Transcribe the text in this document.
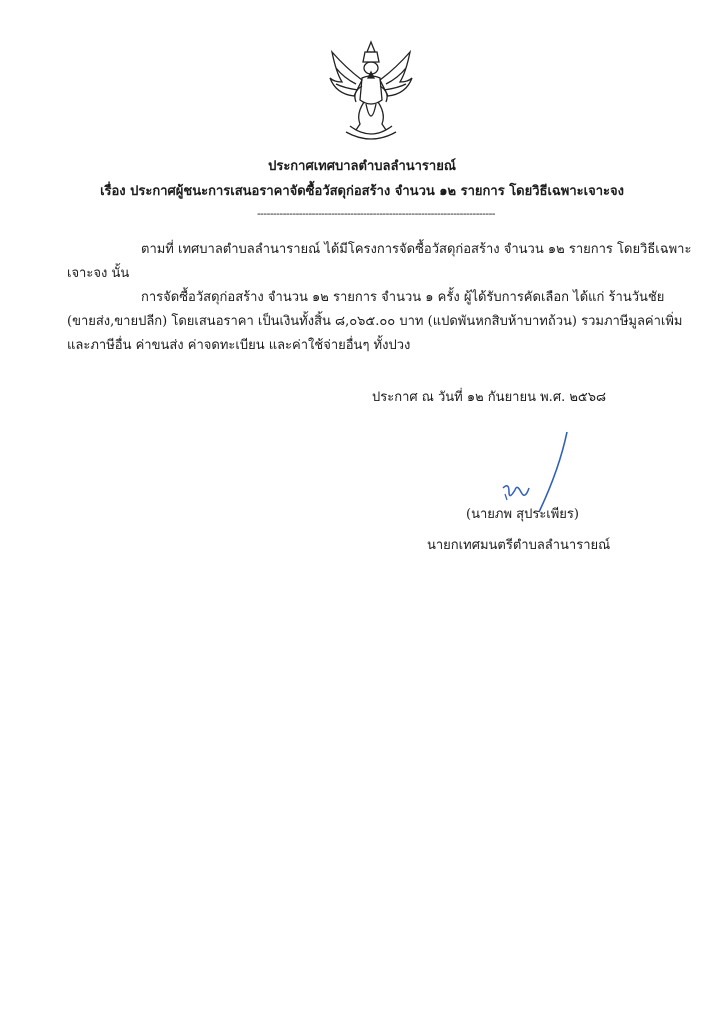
ประกาศเทศบาลตำบลลำนารายณ์
เรื่อง ประกาศผู้ชนะการเสนอราคาจัดซื้อวัสดุก่อสร้าง จำนวน ๑๒ รายการ โดยวิธีเฉพาะเจาะจง
--------------------------------------------------------------------------
ตามที่ เทศบาลตำบลลำนารายณ์ ได้มีโครงการจัดซื้อวัสดุก่อสร้าง จำนวน ๑๒ รายการ โดยวิธีเฉพาะ
เจาะจง นั้น
การจัดซื้อวัสดุก่อสร้าง จำนวน ๑๒ รายการ จำนวน ๑ ครั้ง ผู้ได้รับการคัดเลือก ได้แก่ ร้านวันชัย
(ขายส่ง,ขายปลีก) โดยเสนอราคา เป็นเงินทั้งสิ้น ๘,๐๖๕.๐๐ บาท (แปดพันหกสิบห้าบาทถ้วน) รวมภาษีมูลค่าเพิ่ม
และภาษีอื่น ค่าขนส่ง ค่าจดทะเบียน และค่าใช้จ่ายอื่นๆ ทั้งปวง
ประกาศ ณ วันที่ ๑๒ กันยายน พ.ศ. ๒๕๖๘
(นายภพ สุประเพียร)
นายกเทศมนตรีตำบลลำนารายณ์
